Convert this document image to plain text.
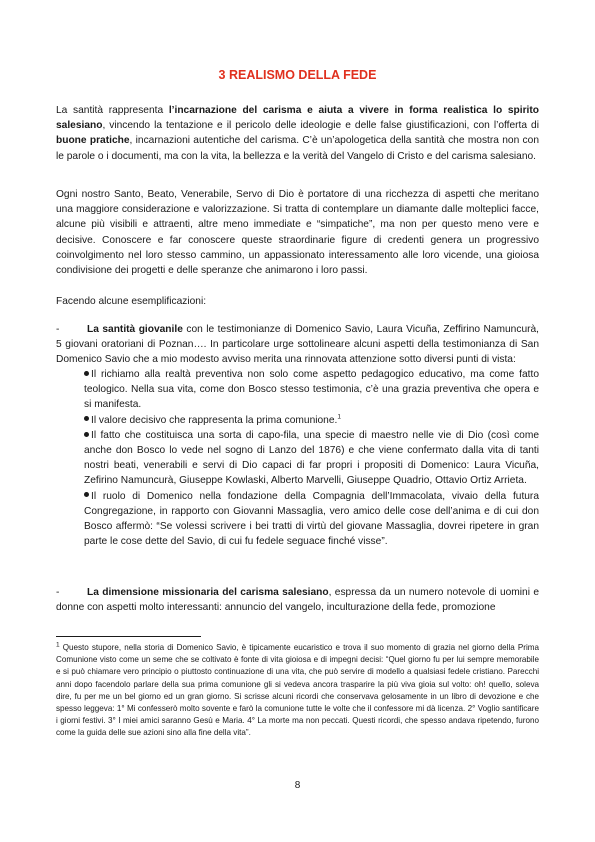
3 REALISMO DELLA FEDE

La santità rappresenta l’incarnazione del carisma e aiuta a vivere in forma realistica lo spirito salesiano, vincendo la tentazione e il pericolo delle ideologie e delle false giustificazioni, con l’offerta di buone pratiche, incarnazioni autentiche del carisma. C’è un’apologetica della santità che mostra non con le parole o i documenti, ma con la vita, la bellezza e la verità del Vangelo di Cristo e del carisma salesiano.

Ogni nostro Santo, Beato, Venerabile, Servo di Dio è portatore di una ricchezza di aspetti che meritano una maggiore considerazione e valorizzazione. Si tratta di contemplare un diamante dalle molteplici facce, alcune più visibili e attraenti, altre meno immediate e “simpatiche”, ma non per questo meno vere e decisive. Conoscere e far conoscere queste straordinarie figure di credenti genera un progressivo coinvolgimento nel loro stesso cammino, un appassionato interessamento alle loro vicende, una gioiosa condivisione dei progetti e delle speranze che animarono i loro passi.

Facendo alcune esemplificazioni:

-	La santità giovanile con le testimonianze di Domenico Savio, Laura Vicuña, Zeffirino Namuncurà, 5 giovani oratoriani di Poznan…. In particolare urge sottolineare alcuni aspetti della testimonianza di San Domenico Savio che a mio modesto avviso merita una rinnovata attenzione sotto diversi punti di vista:

Il richiamo alla realtà preventiva non solo come aspetto pedagogico educativo, ma come fatto teologico. Nella sua vita, come don Bosco stesso testimonia, c’è una grazia preventiva che opera e si manifesta.
Il valore decisivo che rappresenta la prima comunione.$^1$
Il fatto che costituisca una sorta di capo-fila, una specie di maestro nelle vie di Dio (così come anche don Bosco lo vede nel sogno di Lanzo del 1876) e che viene confermato dalla vita di tanti nostri beati, venerabili e servi di Dio capaci di far propri i propositi di Domenico: Laura Vicuña, Zefirino Namuncurà, Giuseppe Kowlaski, Alberto Marvelli, Giuseppe Quadrio, Ottavio Ortiz Arrieta.
Il ruolo di Domenico nella fondazione della Compagnia dell’Immacolata, vivaio della futura Congregazione, in rapporto con Giovanni Massaglia, vero amico delle cose dell’anima e di cui don Bosco affermò: “Se volessi scrivere i bei tratti di virtù del giovane Massaglia, dovrei ripetere in gran parte le cose dette del Savio, di cui fu fedele seguace finché visse”.

-	La dimensione missionaria del carisma salesiano, espressa da un numero notevole di uomini e donne con aspetti molto interessanti: annuncio del vangelo, inculturazione della fede, promozione

$^1$ Questo stupore, nella storia di Domenico Savio, è tipicamente eucaristico e trova il suo momento di grazia nel giorno della Prima Comunione visto come un seme che se coltivato è fonte di vita gioiosa e di impegni decisi: “Quel giorno fu per lui sempre memorabile e si può chiamare vero principio o piuttosto continuazione di una vita, che può servire di modello a qualsiasi fedele cristiano. Parecchi anni dopo facendolo parlare della sua prima comunione gli si vedeva ancora trasparire la più viva gioia sul volto: oh! quello, soleva dire, fu per me un bel giorno ed un gran giorno. Si scrisse alcuni ricordi che conservava gelosamente in un libro di devozione e che spesso leggeva: 1° Mi confesserò molto sovente e farò la comunione tutte le volte che il confessore mi dà licenza. 2° Voglio santificare i giorni festivi. 3° I miei amici saranno Gesù e Maria. 4° La morte ma non peccati. Questi ricordi, che spesso andava ripetendo, furono come la guida delle sue azioni sino alla fine della vita”.

8
